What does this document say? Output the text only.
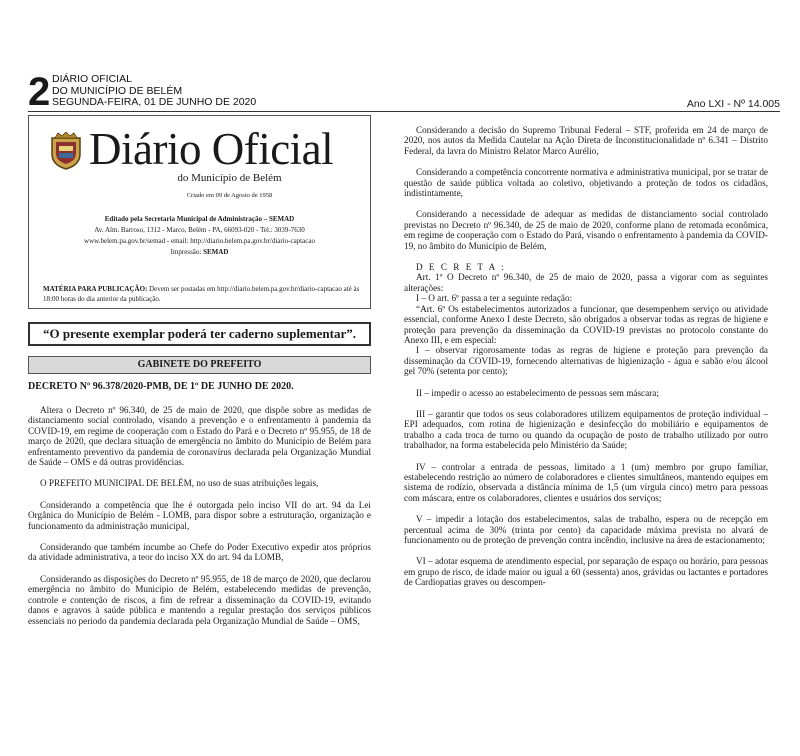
2 DIÁRIO OFICIAL
DO MUNICÍPIO DE BELÉM
SEGUNDA-FEIRA, 01 DE JUNHO DE 2020	Ano LXI - Nº 14.005
Diário Oficial
do Município de Belém
Criado em 09 de Agosto de 1958
Editado pela Secretaria Municipal de Administração – SEMAD
Av. Alm. Barroso, 1312 - Marco, Belém - PA, 66093-020 - Tel.: 3039-7630
www.belem.pa.gov.br/semad - email: http://diario.belem.pa.gov.br/diario-captacao
Impressão: SEMAD
MATÉRIA PARA PUBLICAÇÃO: Devem ser postadas em http://diario.belem.pa.gov.br/diario-captacao até às 18:00 horas do dia anterior da publicação.
“O presente exemplar poderá ter caderno suplementar”.
GABINETE DO PREFEITO
DECRETO Nº 96.378/2020-PMB, DE 1º DE JUNHO DE 2020.

Altera o Decreto nº 96.340, de 25 de maio de 2020, que dispõe sobre as medidas de distanciamento social controlado, visando a prevenção e o enfrentamento à pandemia da COVID-19, em regime de cooperação com o Estado do Pará e o Decreto nº 95.955, de 18 de março de 2020, que declara situação de emergência no âmbito do Município de Belém para enfrentamento preventivo da pandemia de coronavírus declarada pela Organização Mundial de Saúde – OMS e dá outras providências.

O PREFEITO MUNICIPAL DE BELÉM, no uso de suas atribuições legais,

Considerando a competência que lhe é outorgada pelo inciso VII do art. 94 da Lei Orgânica do Município de Belém - LOMB, para dispor sobre a estruturação, organização e funcionamento da administração municipal,

Considerando que também incumbe ao Chefe do Poder Executivo expedir atos próprios da atividade administrativa, a teor do inciso XX do art. 94 da LOMB,

Considerando as disposições do Decreto nº 95.955, de 18 de março de 2020, que declarou emergência no âmbito do Município de Belém, estabelecendo medidas de prevenção, controle e contenção de riscos, a fim de refrear a disseminação da COVID-19, evitando danos e agravos à saúde pública e mantendo a regular prestação dos serviços públicos essenciais no período da pandemia declarada pela Organização Mundial de Saúde – OMS,

Considerando a decisão do Supremo Tribunal Federal – STF, proferida em 24 de março de 2020, nos autos da Medida Cautelar na Ação Direta de Inconstitucionalidade nº 6.341 – Distrito Federal, da lavra do Ministro Relator Marco Aurélio,

Considerando a competência concorrente normativa e administrativa municipal, por se tratar de questão de saúde pública voltada ao coletivo, objetivando a proteção de todos os cidadãos, indistintamente,

Considerando a necessidade de adequar as medidas de distanciamento social controlado previstas no Decreto nº 96.340, de 25 de maio de 2020, conforme plano de retomada econômica, em regime de cooperação com o Estado do Pará, visando o enfrentamento à pandemia da COVID-19, no âmbito do Município de Belém,

D E C R E T A :

Art. 1º O Decreto nº 96.340, de 25 de maio de 2020, passa a vigorar com as seguintes alterações:

I – O art. 6º passa a ter a seguinte redação:

“Art. 6º Os estabelecimentos autorizados a funcionar, que desempenhem serviço ou atividade essencial, conforme Anexo I deste Decreto, são obrigados a observar todas as regras de higiene e proteção para prevenção da disseminação da COVID-19 previstas no protocolo constante do Anexo III, e em especial:

I – observar rigorosamente todas as regras de higiene e proteção para prevenção da disseminação da COVID-19, fornecendo alternativas de higienização - água e sabão e/ou álcool gel 70% (setenta por cento);

II – impedir o acesso ao estabelecimento de pessoas sem máscara;

III – garantir que todos os seus colaboradores utilizem equipamentos de proteção individual – EPI adequados, com rotina de higienização e desinfecção do mobiliário e equipamentos de trabalho a cada troca de turno ou quando da ocupação de posto de trabalho utilizado por outro trabalhador, na forma estabelecida pelo Ministério da Saúde;

IV – controlar a entrada de pessoas, limitado a 1 (um) membro por grupo familiar, estabelecendo restrição ao número de colaboradores e clientes simultâneos, mantendo equipes em sistema de rodízio, observada a distância mínima de 1,5 (um vírgula cinco) metro para pessoas com máscara, entre os colaboradores, clientes e usuários dos serviços;

V – impedir a lotação dos estabelecimentos, salas de trabalho, espera ou de recepção em percentual acima de 30% (trinta por cento) da capacidade máxima prevista no alvará de funcionamento ou de proteção de prevenção contra incêndio, inclusive na área de estacionamento;

VI – adotar esquema de atendimento especial, por separação de espaço ou horário, para pessoas em grupo de risco, de idade maior ou igual a 60 (sessenta) anos, grávidas ou lactantes e portadores de Cardiopatias graves ou descompen-
